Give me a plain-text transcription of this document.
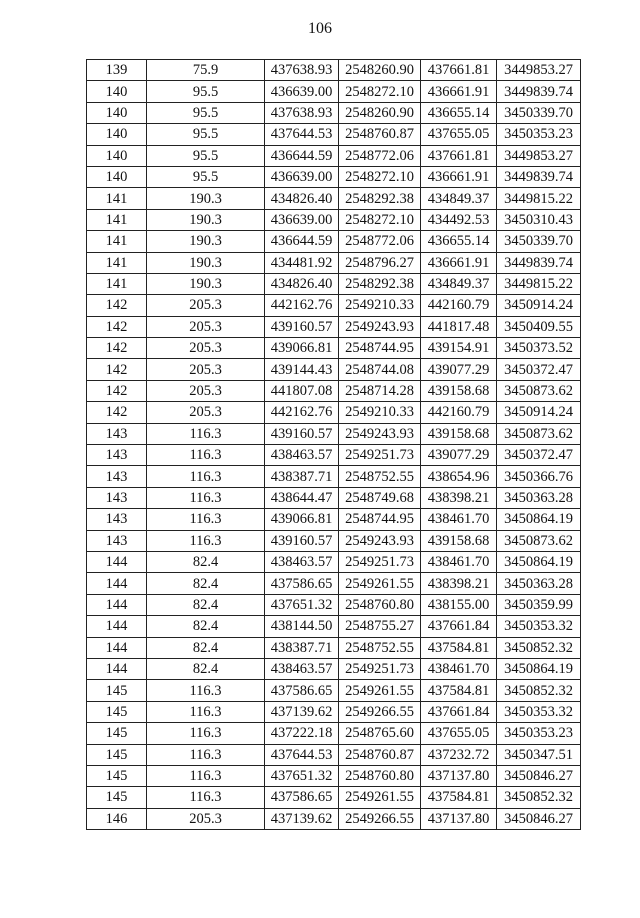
106
139	75.9	437638.93	2548260.90	437661.81	3449853.27
140	95.5	436639.00	2548272.10	436661.91	3449839.74
140	95.5	437638.93	2548260.90	436655.14	3450339.70
140	95.5	437644.53	2548760.87	437655.05	3450353.23
140	95.5	436644.59	2548772.06	437661.81	3449853.27
140	95.5	436639.00	2548272.10	436661.91	3449839.74
141	190.3	434826.40	2548292.38	434849.37	3449815.22
141	190.3	436639.00	2548272.10	434492.53	3450310.43
141	190.3	436644.59	2548772.06	436655.14	3450339.70
141	190.3	434481.92	2548796.27	436661.91	3449839.74
141	190.3	434826.40	2548292.38	434849.37	3449815.22
142	205.3	442162.76	2549210.33	442160.79	3450914.24
142	205.3	439160.57	2549243.93	441817.48	3450409.55
142	205.3	439066.81	2548744.95	439154.91	3450373.52
142	205.3	439144.43	2548744.08	439077.29	3450372.47
142	205.3	441807.08	2548714.28	439158.68	3450873.62
142	205.3	442162.76	2549210.33	442160.79	3450914.24
143	116.3	439160.57	2549243.93	439158.68	3450873.62
143	116.3	438463.57	2549251.73	439077.29	3450372.47
143	116.3	438387.71	2548752.55	438654.96	3450366.76
143	116.3	438644.47	2548749.68	438398.21	3450363.28
143	116.3	439066.81	2548744.95	438461.70	3450864.19
143	116.3	439160.57	2549243.93	439158.68	3450873.62
144	82.4	438463.57	2549251.73	438461.70	3450864.19
144	82.4	437586.65	2549261.55	438398.21	3450363.28
144	82.4	437651.32	2548760.80	438155.00	3450359.99
144	82.4	438144.50	2548755.27	437661.84	3450353.32
144	82.4	438387.71	2548752.55	437584.81	3450852.32
144	82.4	438463.57	2549251.73	438461.70	3450864.19
145	116.3	437586.65	2549261.55	437584.81	3450852.32
145	116.3	437139.62	2549266.55	437661.84	3450353.32
145	116.3	437222.18	2548765.60	437655.05	3450353.23
145	116.3	437644.53	2548760.87	437232.72	3450347.51
145	116.3	437651.32	2548760.80	437137.80	3450846.27
145	116.3	437586.65	2549261.55	437584.81	3450852.32
146	205.3	437139.62	2549266.55	437137.80	3450846.27
